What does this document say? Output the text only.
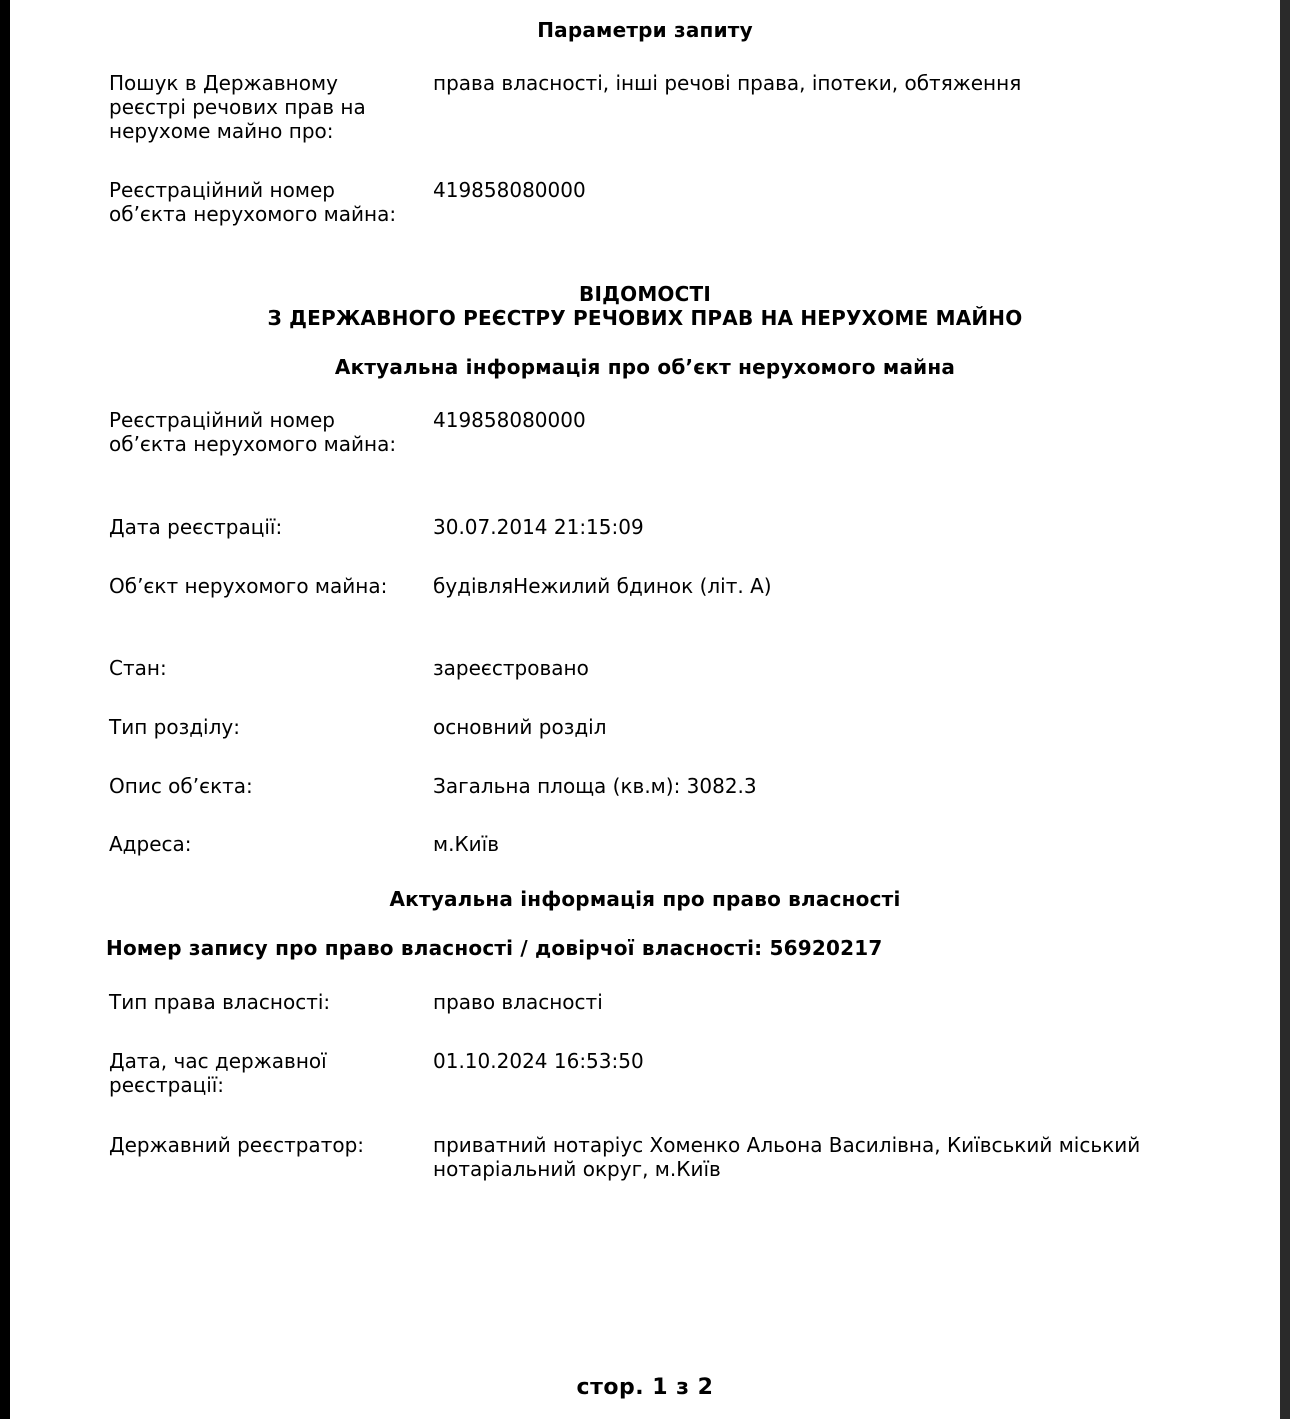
Параметри запиту
Пошук в Державному реєстрі речових прав на нерухоме майно про:
права власності, інші речові права, іпотеки, обтяження
Реєстраційний номер об’єкта нерухомого майна:
419858080000
ВІДОМОСТІ
З ДЕРЖАВНОГО РЕЄСТРУ РЕЧОВИХ ПРАВ НА НЕРУХОМЕ МАЙНО
Актуальна інформація про об’єкт нерухомого майна
Реєстраційний номер об’єкта нерухомого майна:
419858080000
Дата реєстрації:	30.07.2014 21:15:09
Об’єкт нерухомого майна:	будівляНежилий бдинок (літ. А)
Стан:	зареєстровано
Тип розділу:	основний розділ
Опис об’єкта:	Загальна площа (кв.м): 3082.3
Адреса:	м.Київ
Актуальна інформація про право власності
Номер запису про право власності / довірчої власності: 56920217
Тип права власності:	право власності
Дата, час державної реєстрації:
01.10.2024 16:53:50
Державний реєстратор:	приватний нотаріус Хоменко Альона Василівна, Київський міський нотаріальний округ, м.Київ
стор. 1 з 2
